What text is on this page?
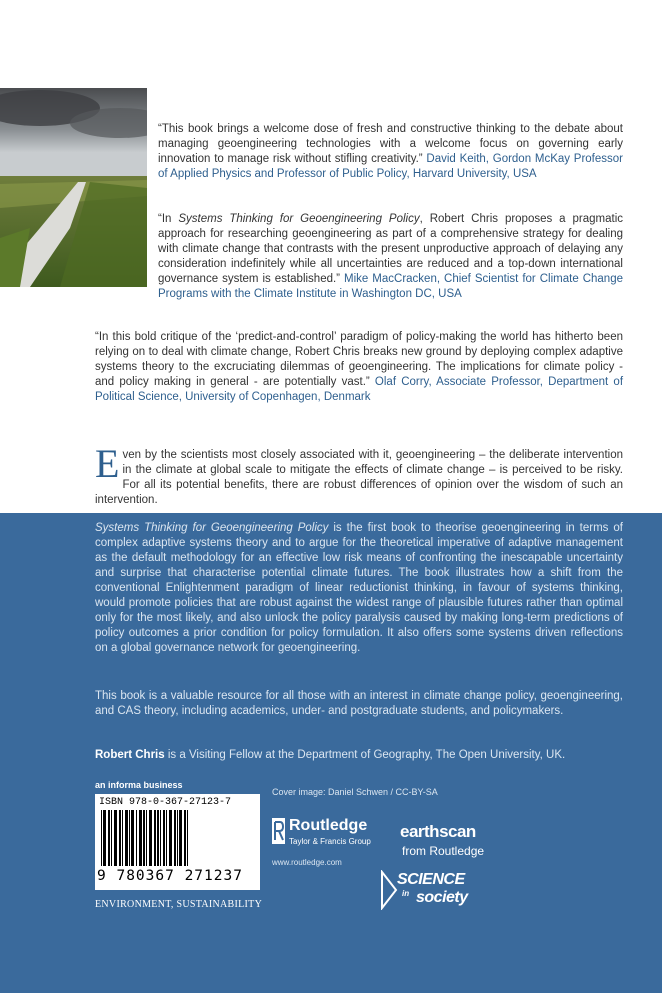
“This book brings a welcome dose of fresh and constructive thinking to the debate about managing geoengineering technologies with a welcome focus on governing early innovation to manage risk without stifling creativity.” David Keith, Gordon McKay Professor of Applied Physics and Professor of Public Policy, Harvard University, USA
“In Systems Thinking for Geoengineering Policy, Robert Chris proposes a pragmatic approach for researching geoengineering as part of a comprehensive strategy for dealing with climate change that contrasts with the present unproductive approach of delaying any consideration indefinitely while all uncertainties are reduced and a top-down international governance system is established.” Mike MacCracken, Chief Scientist for Climate Change Programs with the Climate Institute in Washington DC, USA
“In this bold critique of the ‘predict-and-control’ paradigm of policy-making the world has hitherto been relying on to deal with climate change, Robert Chris breaks new ground by deploying complex adaptive systems theory to the excruciating dilemmas of geoengineering. The implications for climate policy - and policy making in general - are potentially vast.” Olaf Corry, Associate Professor, Department of Political Science, University of Copenhagen, Denmark
Even by the scientists most closely associated with it, geoengineering – the deliberate intervention in the climate at global scale to mitigate the effects of climate change – is perceived to be risky. For all its potential benefits, there are robust differences of opinion over the wisdom of such an intervention.
Systems Thinking for Geoengineering Policy is the first book to theorise geoengineering in terms of complex adaptive systems theory and to argue for the theoretical imperative of adaptive management as the default methodology for an effective low risk means of confronting the inescapable uncertainty and surprise that characterise potential climate futures. The book illustrates how a shift from the conventional Enlightenment paradigm of linear reductionist thinking, in favour of systems thinking, would promote policies that are robust against the widest range of plausible futures rather than optimal only for the most likely, and also unlock the policy paralysis caused by making long-term predictions of policy outcomes a prior condition for policy formulation. It also offers some systems driven reflections on a global governance network for geoengineering.
This book is a valuable resource for all those with an interest in climate change policy, geoengineering, and CAS theory, including academics, under- and postgraduate students, and policymakers.
Robert Chris is a Visiting Fellow at the Department of Geography, The Open University, UK.
an informa business
ISBN 978-0-367-27123-7
9 780367 271237
ENVIRONMENT, SUSTAINABILITY
Cover image: Daniel Schwen / CC-BY-SA
Routledge
Taylor & Francis Group
www.routledge.com
earthscan
from Routledge
SCIENCE
in society
